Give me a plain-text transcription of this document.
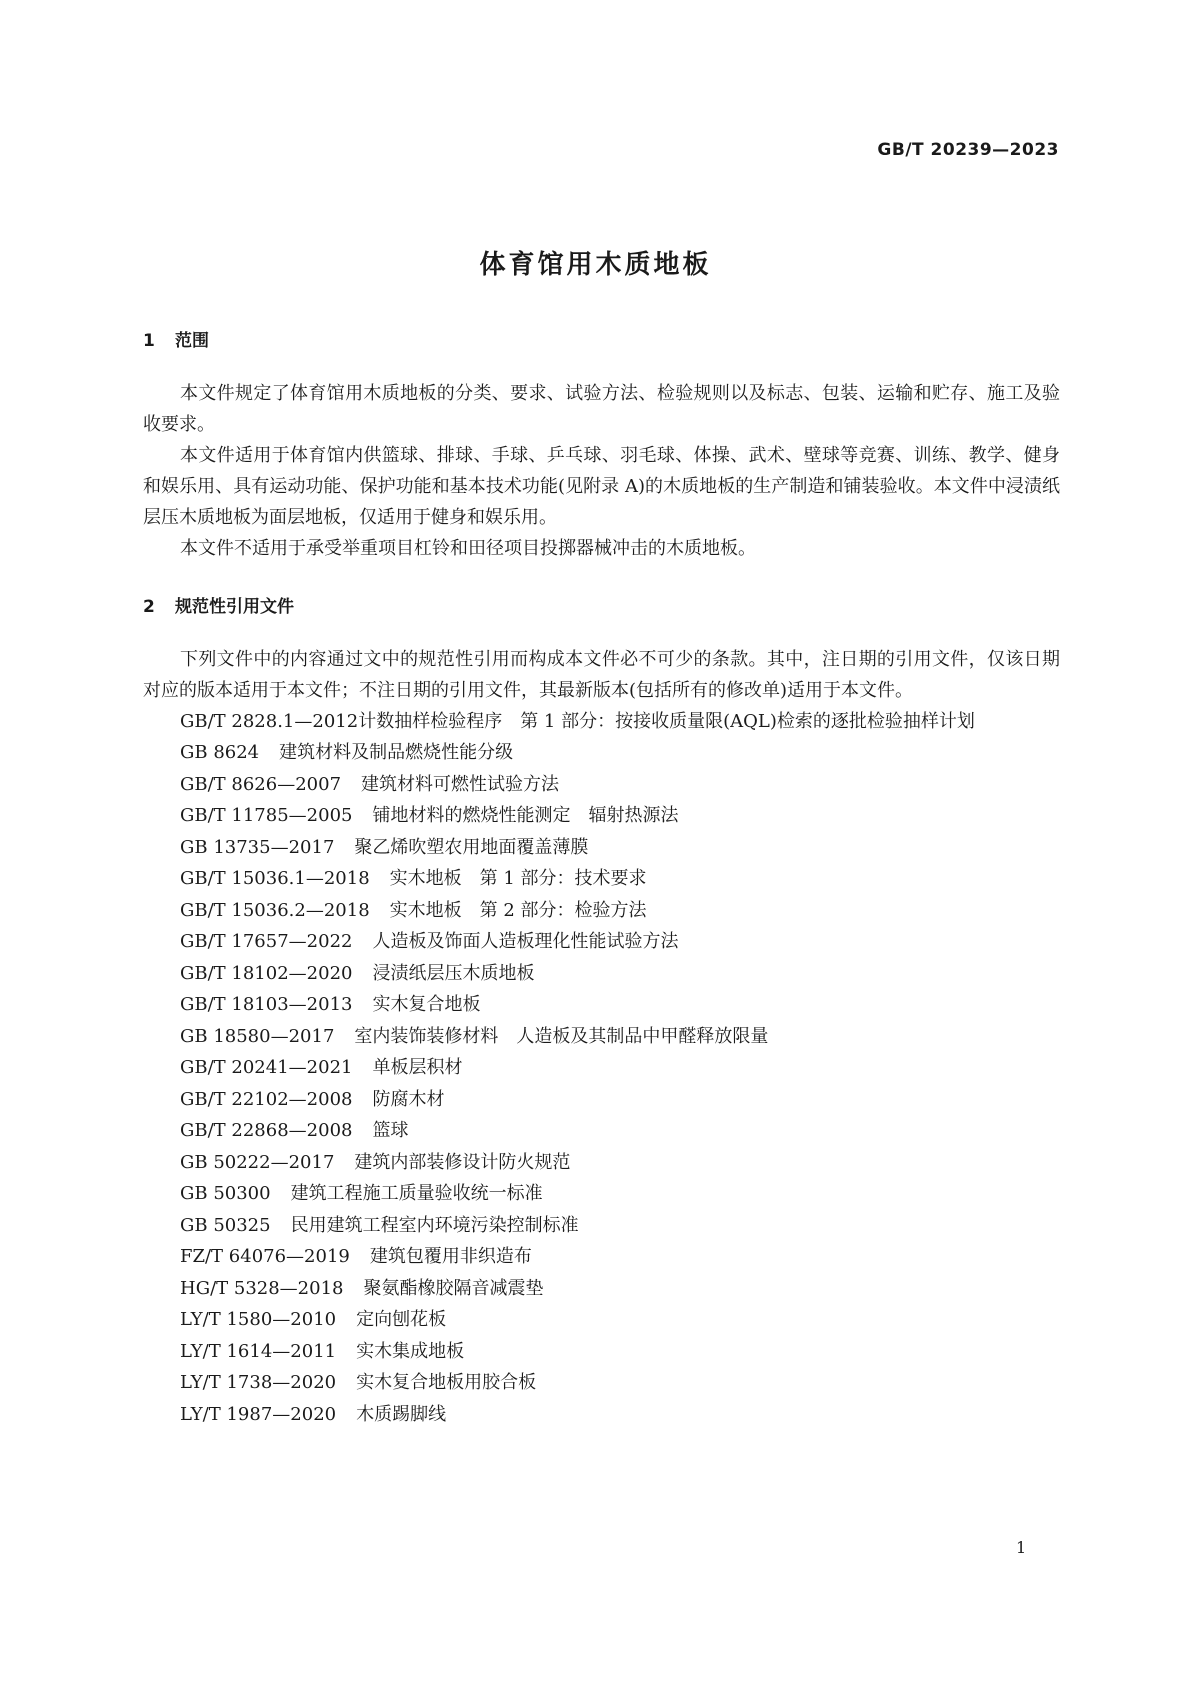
GB/T 20239—2023
体育馆用木质地板
1 范围

本文件规定了体育馆用木质地板的分类、要求、试验方法、检验规则以及标志、包装、运输和贮存、施工及验收要求。

本文件适用于体育馆内供篮球、排球、手球、乒乓球、羽毛球、体操、武术、壁球等竞赛、训练、教学、健身和娱乐用、具有运动功能、保护功能和基本技术功能(见附录 A)的木质地板的生产制造和铺装验收。本文件中浸渍纸层压木质地板为面层地板，仅适用于健身和娱乐用。

本文件不适用于承受举重项目杠铃和田径项目投掷器械冲击的木质地板。

2 规范性引用文件

下列文件中的内容通过文中的规范性引用而构成本文件必不可少的条款。其中，注日期的引用文件，仅该日期对应的版本适用于本文件；不注日期的引用文件，其最新版本(包括所有的修改单)适用于本文件。

GB/T 2828.1—2012计数抽样检验程序　第 1 部分：按接收质量限(AQL)检索的逐批检验抽样计划

GB 8624 建筑材料及制品燃烧性能分级

GB/T 8626—2007 建筑材料可燃性试验方法

GB/T 11785—2005 铺地材料的燃烧性能测定　辐射热源法

GB 13735—2017 聚乙烯吹塑农用地面覆盖薄膜

GB/T 15036.1—2018 实木地板　第 1 部分：技术要求

GB/T 15036.2—2018 实木地板　第 2 部分：检验方法

GB/T 17657—2022 人造板及饰面人造板理化性能试验方法

GB/T 18102—2020 浸渍纸层压木质地板

GB/T 18103—2013 实木复合地板

GB 18580—2017 室内装饰装修材料　人造板及其制品中甲醛释放限量

GB/T 20241—2021 单板层积材

GB/T 22102—2008 防腐木材

GB/T 22868—2008 篮球

GB 50222—2017 建筑内部装修设计防火规范

GB 50300 建筑工程施工质量验收统一标准

GB 50325 民用建筑工程室内环境污染控制标准

FZ/T 64076—2019 建筑包覆用非织造布

HG/T 5328—2018 聚氨酯橡胶隔音减震垫

LY/T 1580—2010 定向刨花板

LY/T 1614—2011 实木集成地板

LY/T 1738—2020 实木复合地板用胶合板

LY/T 1987—2020 木质踢脚线

1
